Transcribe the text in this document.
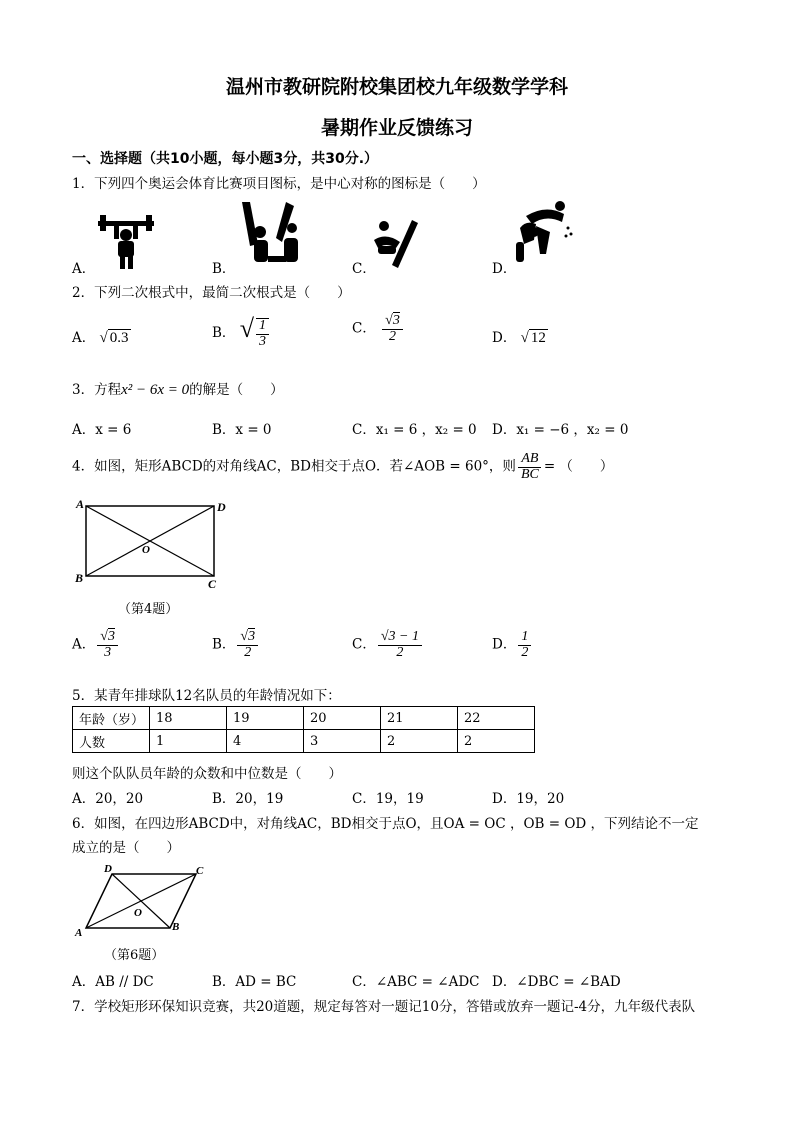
温州市教研院附校集团校九年级数学学科
暑期作业反馈练习
一、选择题（共10小题，每小题3分，共30分.）
1．下列四个奥运会体育比赛项目图标，是中心对称的图标是（　　）
A．	B．	C．	D．
2．下列二次根式中，最简二次根式是（　　）
A． √ 0.3	B． √ $\frac{1}{3}$	C． $\frac{√3}{2}$	D． √ 12
3．方程x² − 6x = 0的解是（　　）
A．x = 6	B．x = 0	C．x₁ = 6 ，x₂ = 0 D．x₁ = −6 ，x₂ = 0
4．如图，矩形ABCD的对角线AC，BD相交于点O．若∠AOB = 60°，则 $\frac{AB}{BC}$ = （　　）
A	D
B	C
O
（第4题）
A． $\frac{√3}{3}$	B． $\frac{√3}{2}$	C． $\frac{√3 - 1}{2}$	D． $\frac{1}{2}$
5．某青年排球队12名队员的年龄情况如下：
年龄（岁）	18	19	20	21	22
人数	1	4	3	2	2
则这个队队员年龄的众数和中位数是（　　）
A．20，20	B．20，19	C．19，19	D．19，20
6．如图，在四边形ABCD中，对角线AC，BD相交于点O，且OA = OC ，OB = OD ，下列结论不一定
成立的是（　　）
D	C
A	B
O
（第6题）
A．AB // DC	B．AD = BC	C．∠ABC = ∠ADC D．∠DBC = ∠BAD
7．学校矩形环保知识竞赛，共20道题，规定每答对一题记10分，答错或放弃一题记-4分，九年级代表队
